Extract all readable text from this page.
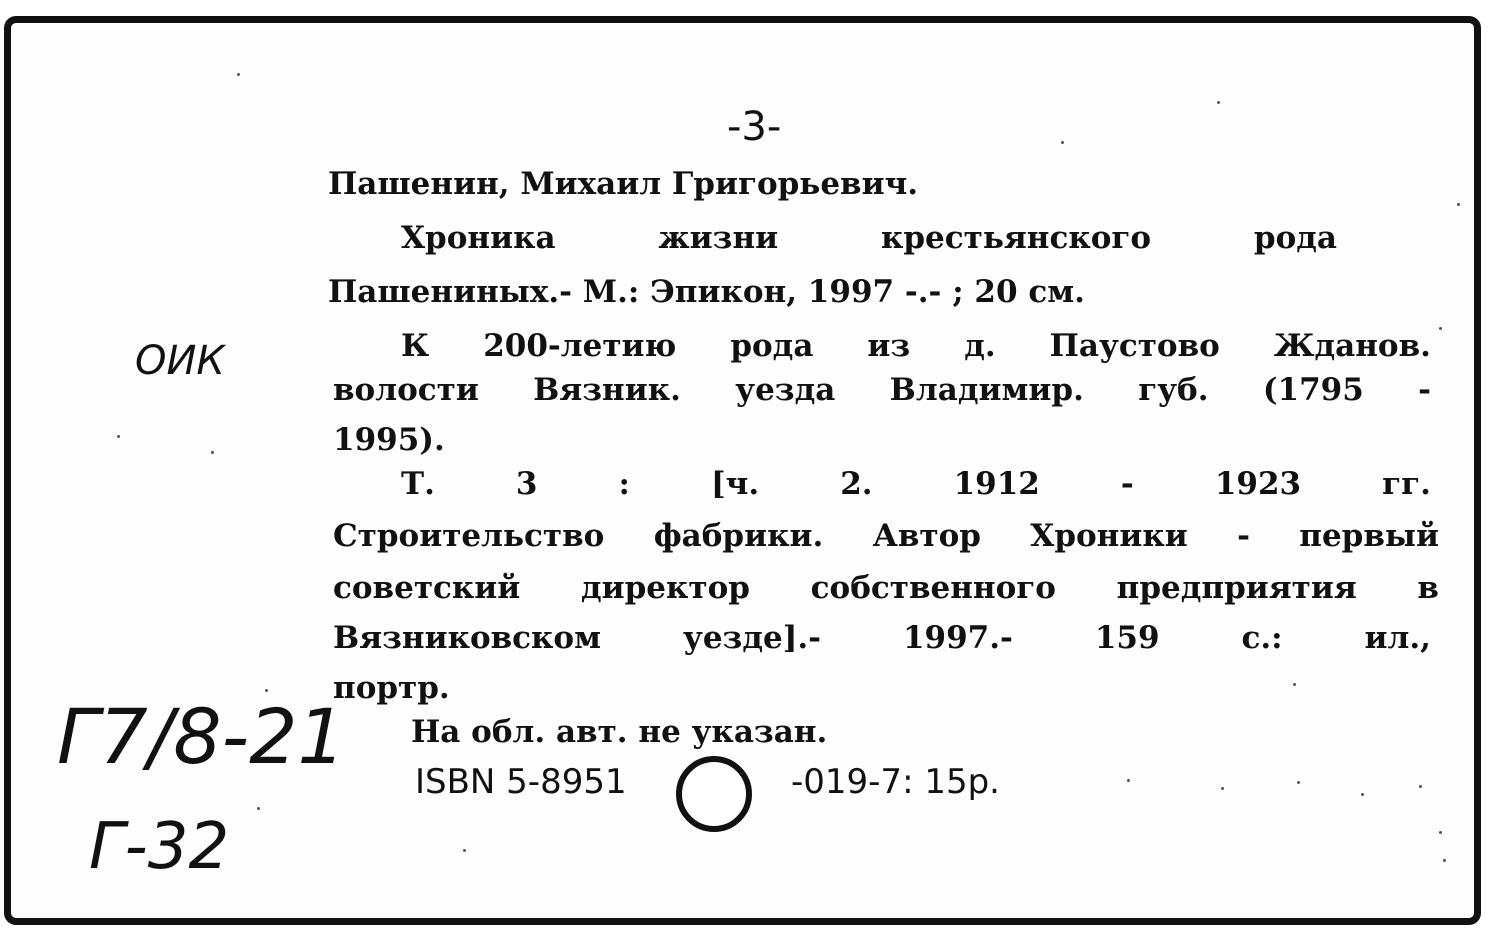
-3-
Пашенин, Михаил Григорьевич.
Хроника	жизни	крестьянского	рода
Пашениных.- М.: Эпикон, 1997 -.- ; 20 см.
К 200-летию рода из д. Паустово Жданов.
волости Вязник. уезда Владимир. губ. (1795 -
1995).
Т.	3	:	[ч.	2.	1912	-	1923	гг.
Строительство фабрики. Автор Хроники - первый
советский директор собственного предприятия в
Вязниковском	уезде].-	1997.-	159	с.:	ил.,
портр.
На обл. авт. не указан.
ISBN 5-8951	-019-7: 15р.
ОИК
Г7/8-21
Г-32
